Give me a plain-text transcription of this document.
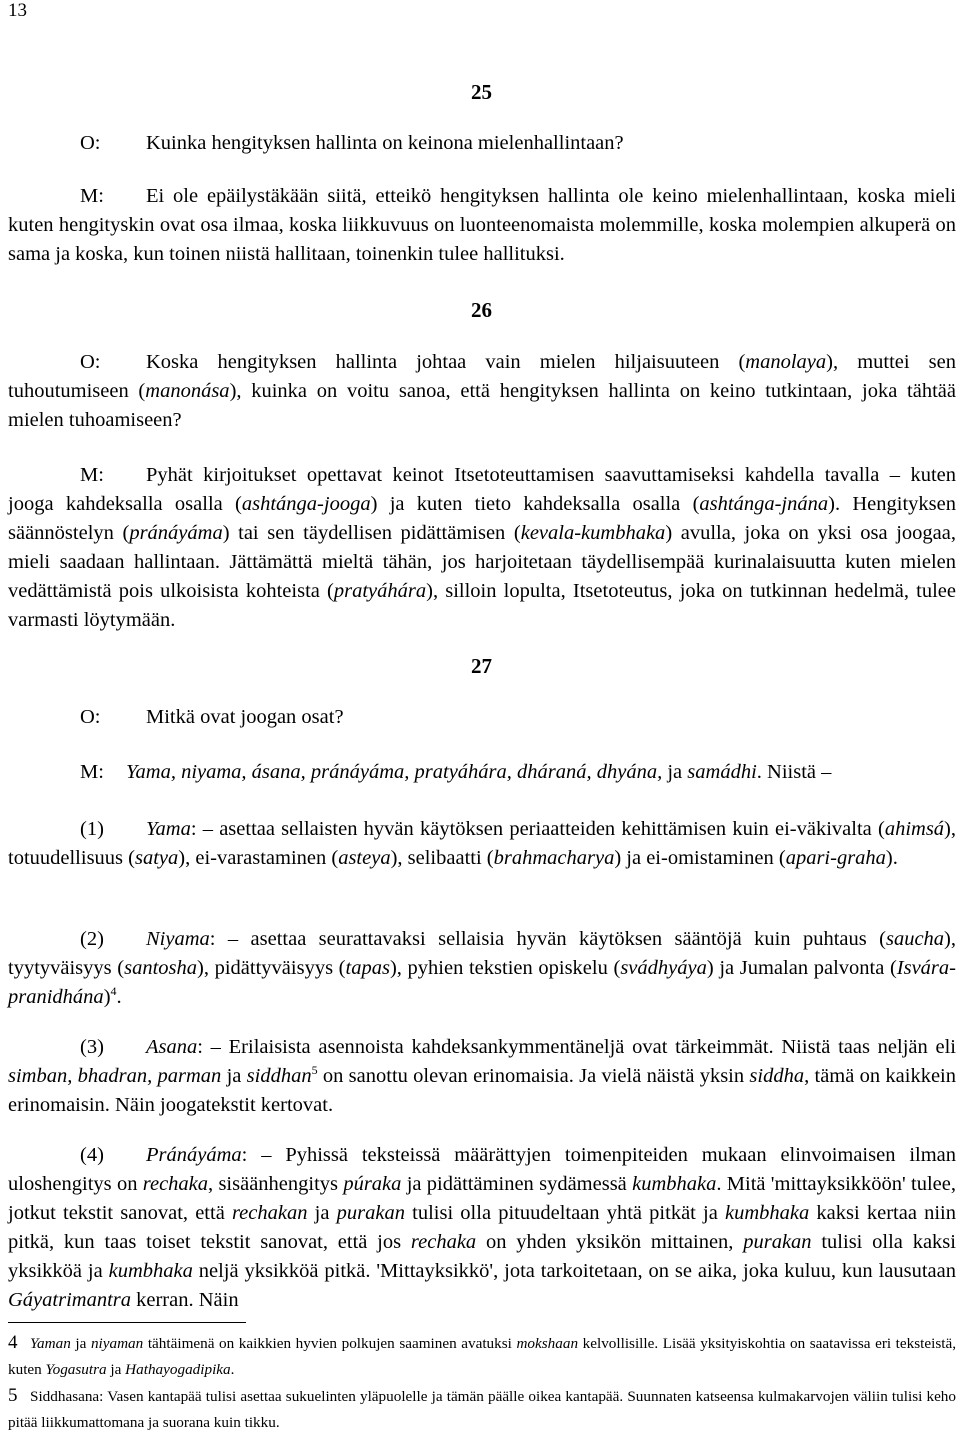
13
25
O: Kuinka hengityksen hallinta on keinona mielenhallintaan?
M: Ei ole epäilystäkään siitä, etteikö hengityksen hallinta ole keino mielenhallintaan, koska mieli kuten hengityskin ovat osa ilmaa, koska liikkuvuus on luonteenomaista molemmille, koska molempien alkuperä on sama ja koska, kun toinen niistä hallitaan, toinenkin tulee hallituksi.
26
O: Koska hengityksen hallinta johtaa vain mielen hiljaisuuteen (manolaya), muttei sen tuhoutumiseen (manonása), kuinka on voitu sanoa, että hengityksen hallinta on keino tutkintaan, joka tähtää mielen tuhoamiseen?
M: Pyhät kirjoitukset opettavat keinot Itsetoteuttamisen saavuttamiseksi kahdella tavalla – kuten jooga kahdeksalla osalla (ashtánga-jooga) ja kuten tieto kahdeksalla osalla (ashtánga-jnána). Hengityksen säännöstelyn (pránáyáma) tai sen täydellisen pidättämisen (kevala-kumbhaka) avulla, joka on yksi osa joogaa, mieli saadaan hallintaan. Jättämättä mieltä tähän, jos harjoitetaan täydellisempää kurinalaisuutta kuten mielen vedättämistä pois ulkoisista kohteista (pratyáhára), silloin lopulta, Itsetoteutus, joka on tutkinnan hedelmä, tulee varmasti löytymään.
27
O: Mitkä ovat joogan osat?
M: Yama, niyama, ásana, pránáyáma, pratyáhára, dháraná, dhyána, ja samádhi. Niistä –
(1) Yama: – asettaa sellaisten hyvän käytöksen periaatteiden kehittämisen kuin ei-väkivalta (ahimsá), totuudellisuus (satya), ei-varastaminen (asteya), selibaatti (brahmacharya) ja ei-omistaminen (apari-graha).
(2) Niyama: – asettaa seurattavaksi sellaisia hyvän käytöksen sääntöjä kuin puhtaus (saucha), tyytyväisyys (santosha), pidättyväisyys (tapas), pyhien tekstien opiskelu (svádhyáya) ja Jumalan palvonta (Isvára-pranidhána)$^4$.
(3) Asana: – Erilaisista asennoista kahdeksankymmentäneljä ovat tärkeimmät. Niistä taas neljän eli simban, bhadran, parman ja siddhan$^5$ on sanottu olevan erinomaisia. Ja vielä näistä yksin siddha, tämä on kaikkein erinomaisin. Näin joogatekstit kertovat.
(4) Pránáyáma: – Pyhissä teksteissä määrättyjen toimenpiteiden mukaan elinvoimaisen ilman uloshengitys on rechaka, sisäänhengitys púraka ja pidättäminen sydämessä kumbhaka. Mitä 'mittayksikköön' tulee, jotkut tekstit sanovat, että rechakan ja purakan tulisi olla pituudeltaan yhtä pitkät ja kumbhaka kaksi kertaa niin pitkä, kun taas toiset tekstit sanovat, että jos rechaka on yhden yksikön mittainen, purakan tulisi olla kaksi yksikköä ja kumbhaka neljä yksikköä pitkä. 'Mittayksikkö', jota tarkoitetaan, on se aika, joka kuluu, kun lausutaan Gáyatrimantra kerran. Näin
4 Yaman ja niyaman tähtäimenä on kaikkien hyvien polkujen saaminen avatuksi mokshaan kelvollisille. Lisää yksityiskohtia on saatavissa eri teksteistä, kuten Yogasutra ja Hathayogadipika.
5 Siddhasana: Vasen kantapää tulisi asettaa sukuelinten yläpuolelle ja tämän päälle oikea kantapää. Suunnaten katseensa kulmakarvojen väliin tulisi keho pitää liikkumattomana ja suorana kuin tikku.
